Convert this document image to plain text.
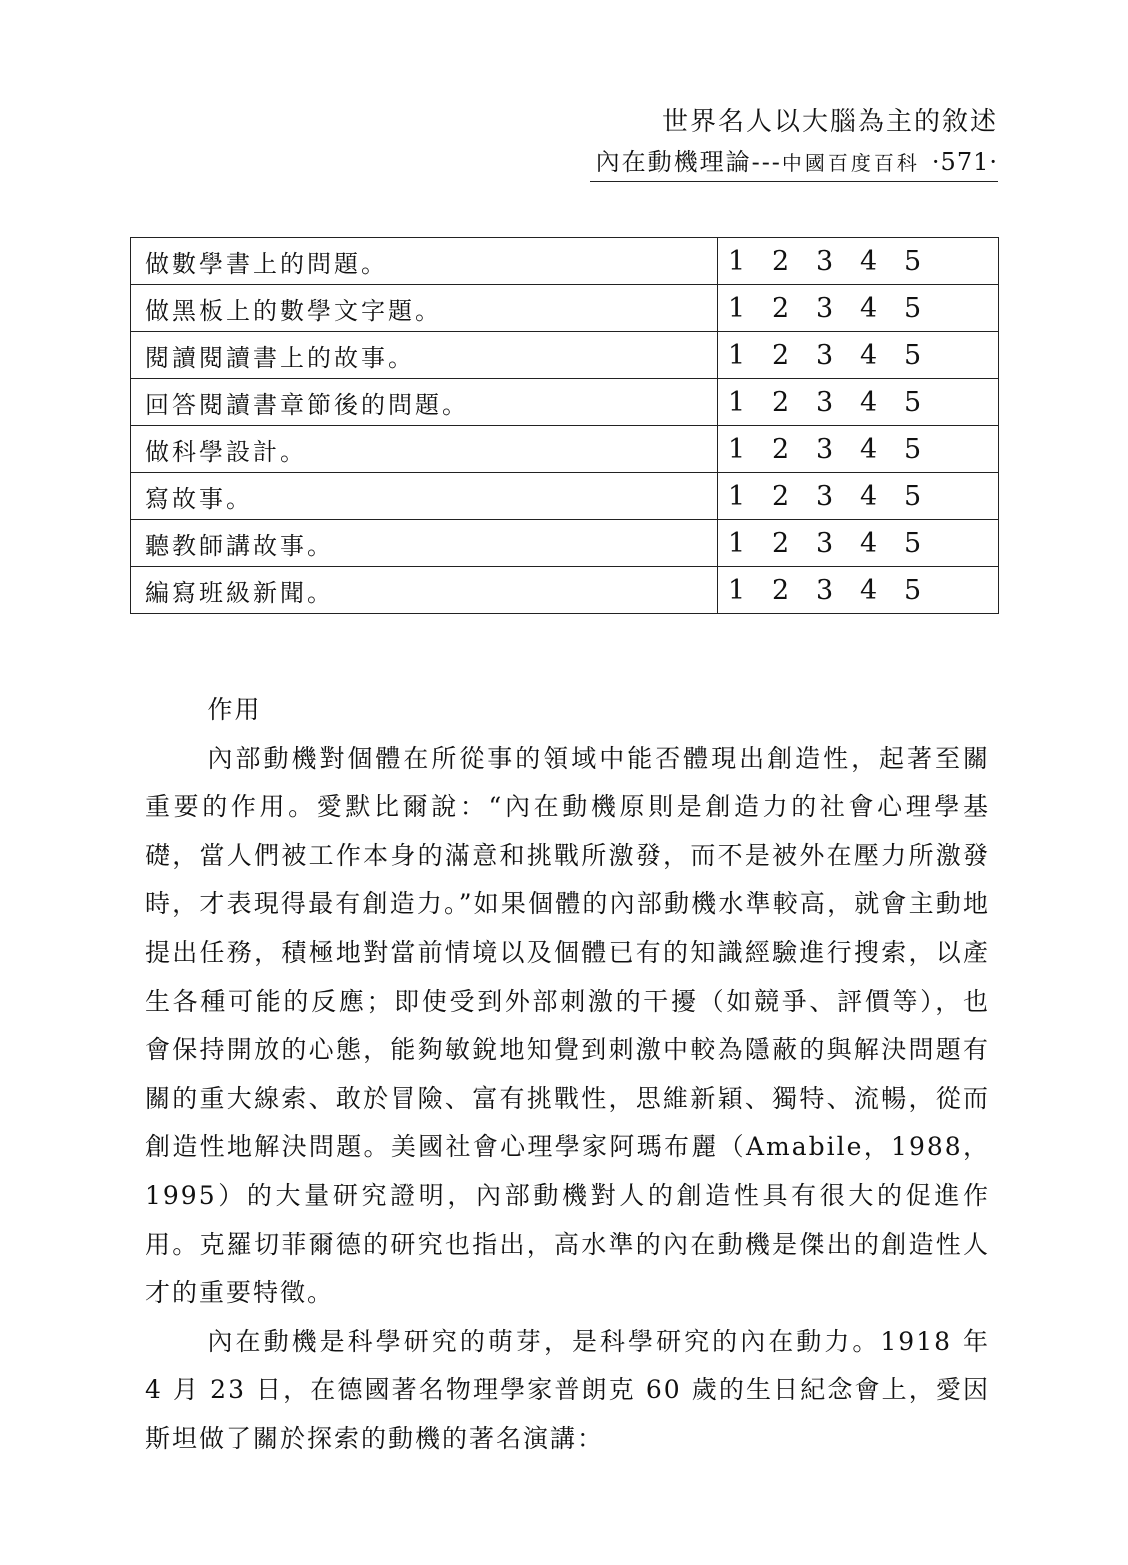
世界名人以大腦為主的敘述
內在動機理論---中國百度百科 ·571·
做數學書上的問題。	1 2 3 4 5
做黑板上的數學文字題。	1 2 3 4 5
閱讀閱讀書上的故事。	1 2 3 4 5
回答閱讀書章節後的問題。	1 2 3 4 5
做科學設計。	1 2 3 4 5
寫故事。	1 2 3 4 5
聽教師講故事。	1 2 3 4 5
編寫班級新聞。	1 2 3 4 5

作用

內部動機對個體在所從事的領域中能否體現出創造性，起著至關重要的作用。愛默比爾說：“內在動機原則是創造力的社會心理學基礎，當人們被工作本身的滿意和挑戰所激發，而不是被外在壓力所激發時，才表現得最有創造力。”如果個體的內部動機水準較高，就會主動地提出任務，積極地對當前情境以及個體已有的知識經驗進行搜索，以產生各種可能的反應；即使受到外部刺激的干擾（如競爭、評價等），也會保持開放的心態，能夠敏銳地知覺到刺激中較為隱蔽的與解決問題有關的重大線索、敢於冒險、富有挑戰性，思維新穎、獨特、流暢，從而創造性地解決問題。美國社會心理學家阿瑪布麗（Amabile，1988，1995）的大量研究證明，內部動機對人的創造性具有很大的促進作用。克羅切菲爾德的研究也指出，高水準的內在動機是傑出的創造性人才的重要特徵。

內在動機是科學研究的萌芽，是科學研究的內在動力。1918 年 4 月 23 日，在德國著名物理學家普朗克 60 歲的生日紀念會上，愛因斯坦做了關於探索的動機的著名演講：
